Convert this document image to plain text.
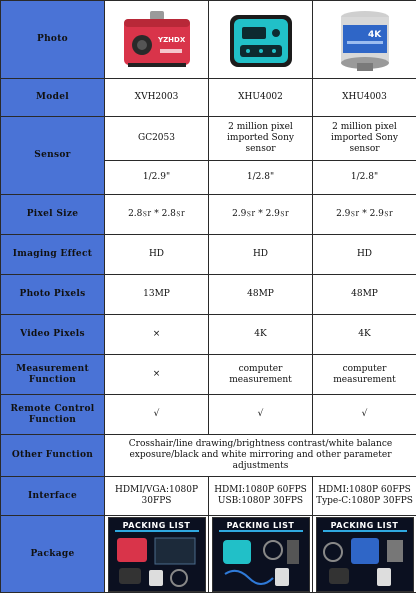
Photo	YZHDX		4K

Model	XVH2003	XHU4002	XHU4003
Sensor	GC2053	2 million pixel imported Sony sensor	2 million pixel imported Sony sensor
	1/2.9"	1/2.8"	1/2.8"
Pixel Size	2.8㏛ * 2.8㏛	2.9㏛ * 2.9㏛	2.9㏛ * 2.9㏛
Imaging Effect	HD	HD	HD
Photo Pixels	13MP	48MP	48MP
Video Pixels	×	4K	4K
Measurement Function	×	computer measurement	computer measurement
Remote Control Function	√	√	√
Other Function	Crosshair/line drawing/brightness contrast/white balance exposure/black and white mirroring and other parameter adjustments		
Interface	HDMI/VGA:1080P 30FPS	HDMI:1080P 60FPS USB:1080P 30FPS	HDMI:1080P 60FPS Type-C:1080P 30FPS
Package	PACKING LIST	PACKING LIST	PACKING LIST
